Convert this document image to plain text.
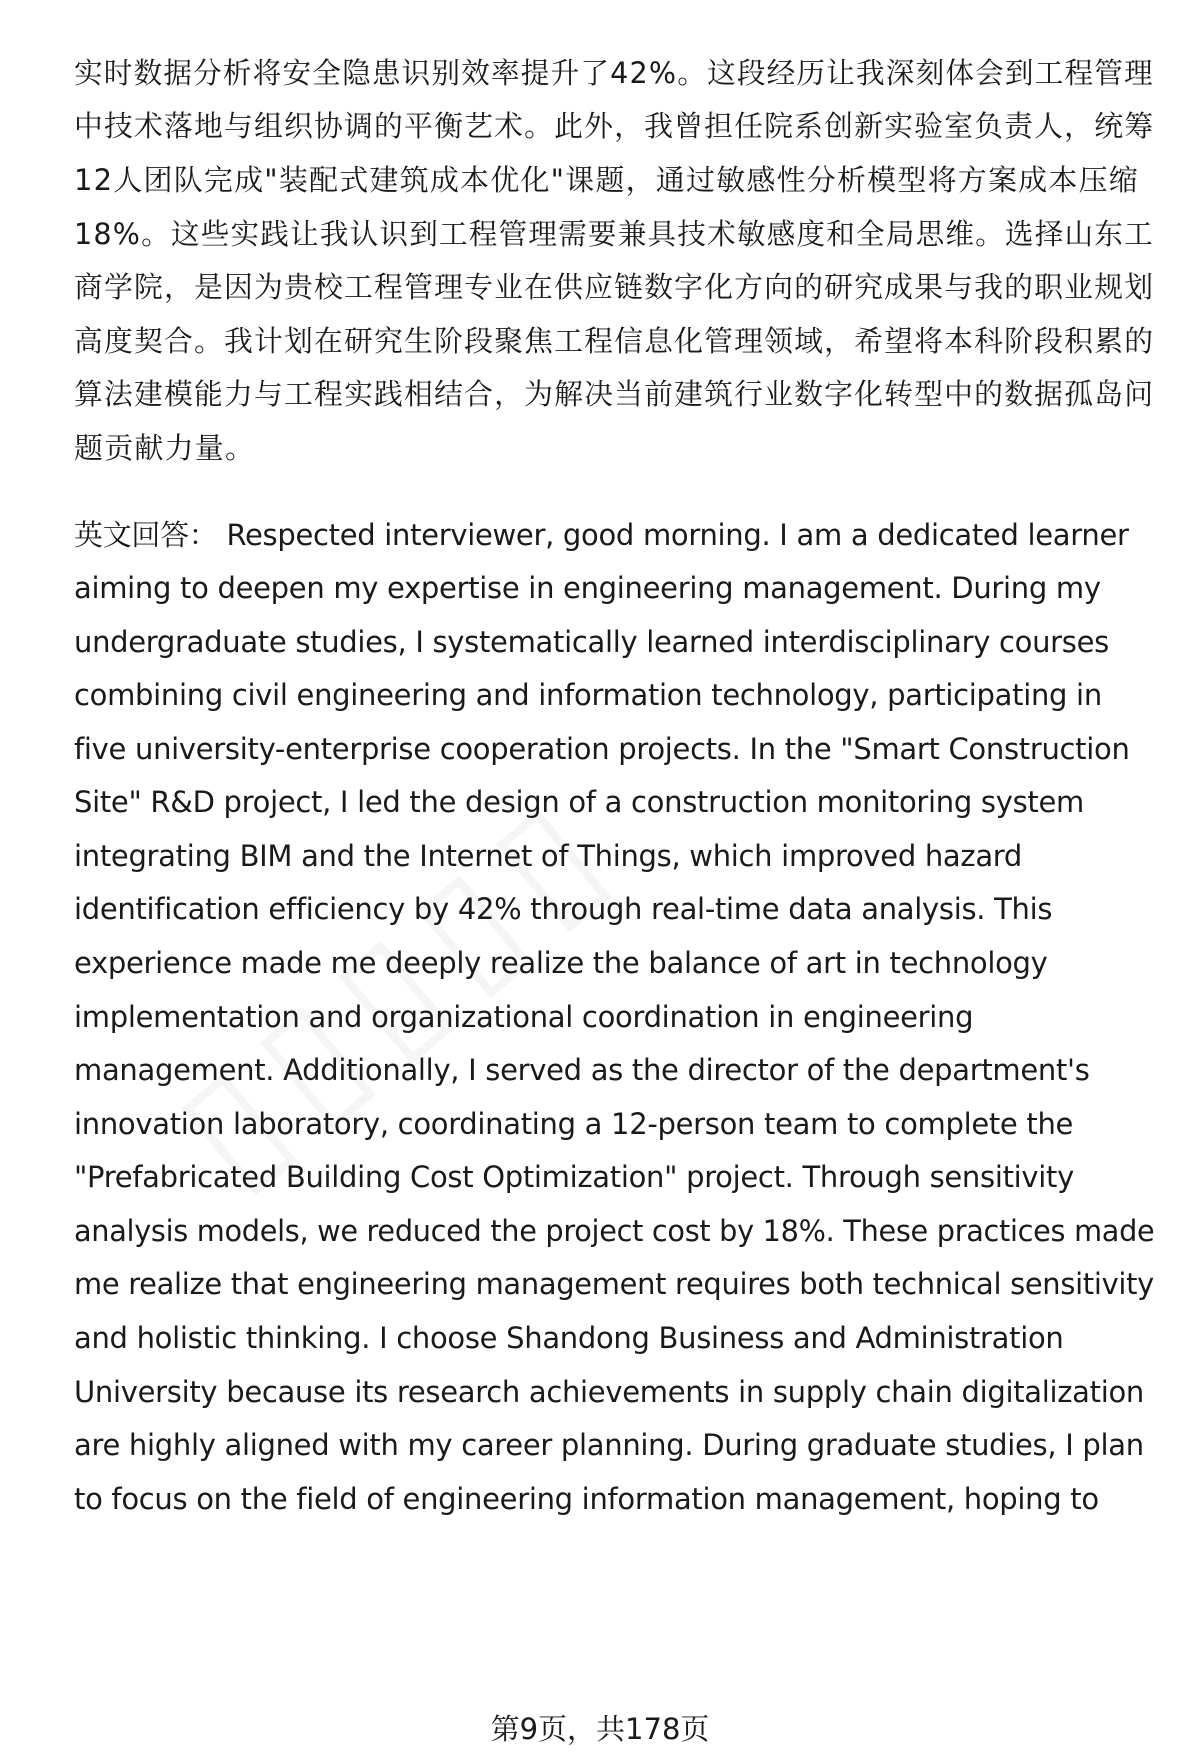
实时数据分析将安全隐患识别效率提升了42%。这段经历让我深刻体会到工程管理
中技术落地与组织协调的平衡艺术。此外，我曾担任院系创新实验室负责人，统筹
12人团队完成"装配式建筑成本优化"课题，通过敏感性分析模型将方案成本压缩
18%。这些实践让我认识到工程管理需要兼具技术敏感度和全局思维。选择山东工
商学院，是因为贵校工程管理专业在供应链数字化方向的研究成果与我的职业规划
高度契合。我计划在研究生阶段聚焦工程信息化管理领域，希望将本科阶段积累的
算法建模能力与工程实践相结合，为解决当前建筑行业数字化转型中的数据孤岛问
题贡献力量。
英文回答： Respected interviewer, good morning. I am a dedicated learner
aiming to deepen my expertise in engineering management. During my
undergraduate studies, I systematically learned interdisciplinary courses
combining civil engineering and information technology, participating in
five university-enterprise cooperation projects. In the "Smart Construction
Site" R&D project, I led the design of a construction monitoring system
integrating BIM and the Internet of Things, which improved hazard
identification efficiency by 42% through real-time data analysis. This
experience made me deeply realize the balance of art in technology
implementation and organizational coordination in engineering
management. Additionally, I served as the director of the department's
innovation laboratory, coordinating a 12-person team to complete the
"Prefabricated Building Cost Optimization" project. Through sensitivity
analysis models, we reduced the project cost by 18%. These practices made
me realize that engineering management requires both technical sensitivity
and holistic thinking. I choose Shandong Business and Administration
University because its research achievements in supply chain digitalization
are highly aligned with my career planning. During graduate studies, I plan
to focus on the field of engineering information management, hoping to
第9页，共178页
